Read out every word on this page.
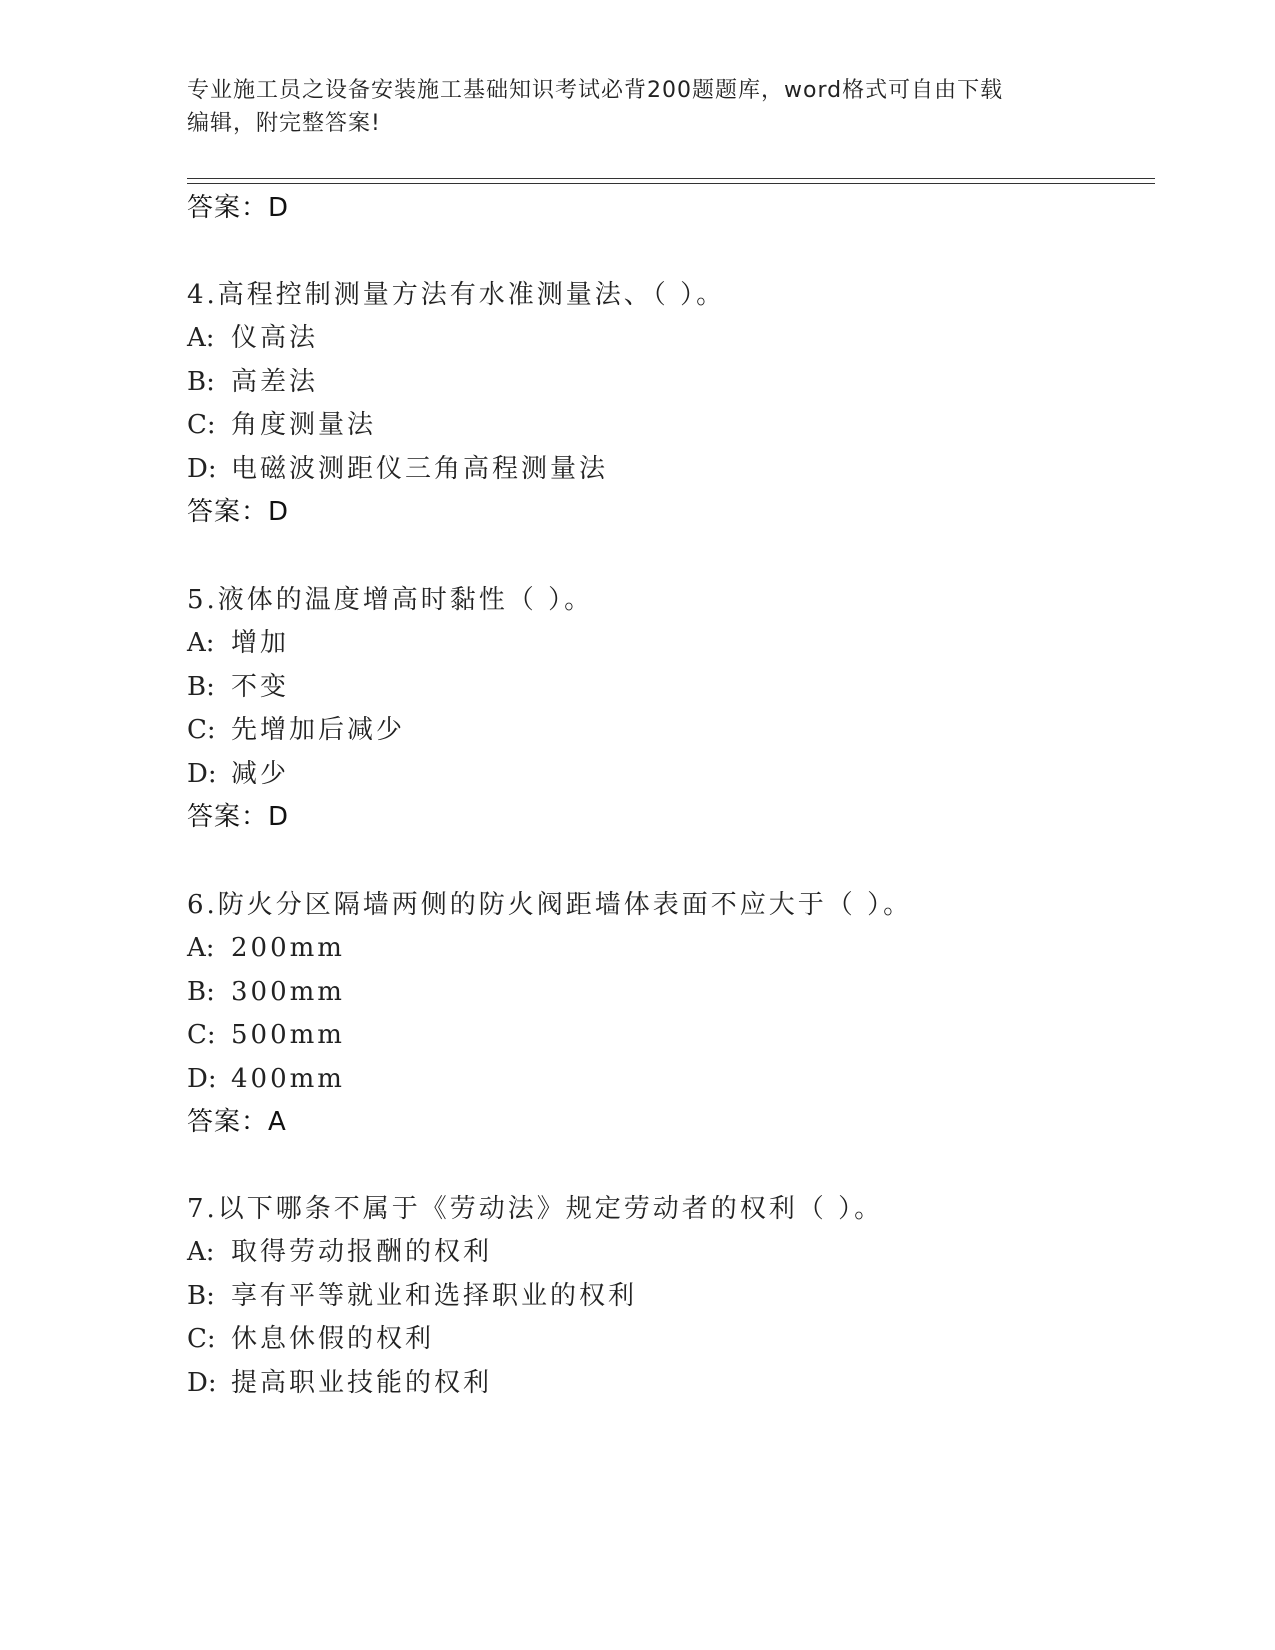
专业施工员之设备安装施工基础知识考试必背200题题库，word格式可自由下载
编辑，附完整答案!
答案：D
4.高程控制测量方法有水准测量法、（ ）。
A: 仪高法
B: 高差法
C: 角度测量法
D: 电磁波测距仪三角高程测量法
答案：D
5.液体的温度增高时黏性（ ）。
A: 增加
B: 不变
C: 先增加后减少
D: 减少
答案：D
6.防火分区隔墙两侧的防火阀距墙体表面不应大于（ ）。
A: 200mm
B: 300mm
C: 500mm
D: 400mm
答案：A
7.以下哪条不属于《劳动法》规定劳动者的权利（ ）。
A: 取得劳动报酬的权利
B: 享有平等就业和选择职业的权利
C: 休息休假的权利
D: 提高职业技能的权利
